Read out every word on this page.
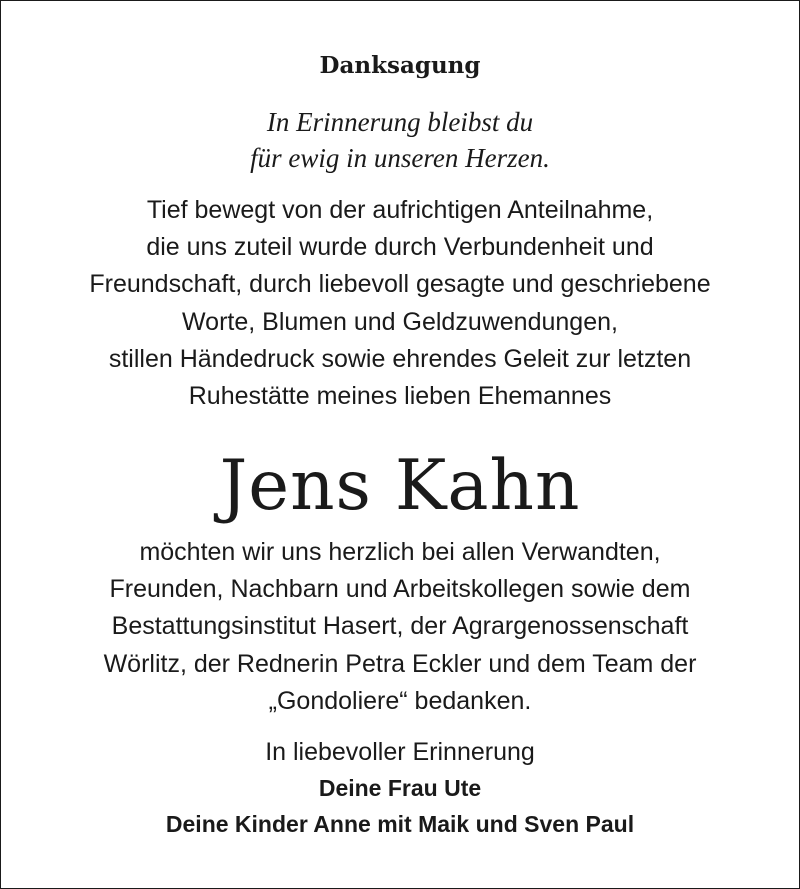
Danksagung
In Erinnerung bleibst du
für ewig in unseren Herzen.
Tief bewegt von der aufrichtigen Anteilnahme,
die uns zuteil wurde durch Verbundenheit und
Freundschaft, durch liebevoll gesagte und geschriebene
Worte, Blumen und Geldzuwendungen,
stillen Händedruck sowie ehrendes Geleit zur letzten
Ruhestätte meines lieben Ehemannes
Jens Kahn
möchten wir uns herzlich bei allen Verwandten,
Freunden, Nachbarn und Arbeitskollegen sowie dem
Bestattungsinstitut Hasert, der Agrargenossenschaft
Wörlitz, der Rednerin Petra Eckler und dem Team der
„Gondoliere“ bedanken.
In liebevoller Erinnerung
Deine Frau Ute
Deine Kinder Anne mit Maik und Sven Paul
